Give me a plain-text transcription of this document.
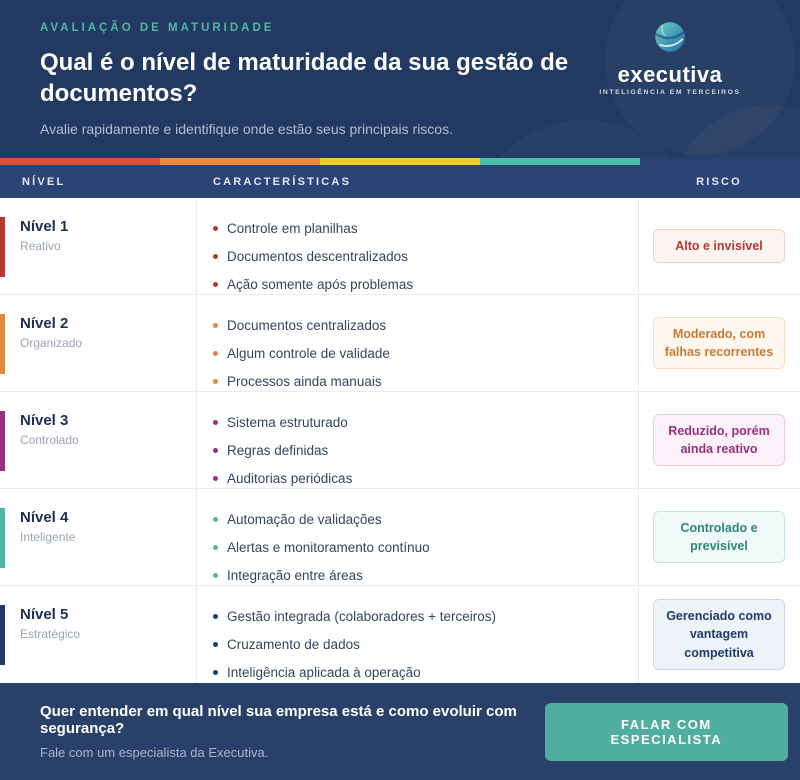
AVALIAÇÃO DE MATURIDADE
Qual é o nível de maturidade da sua gestão de documentos?
Avalie rapidamente e identifique onde estão seus principais riscos.
executiva
INTELIGÊNCIA EM TERCEIROS
NÍVEL	CARACTERÍSTICAS	RISCO
Nível 1
Reativo
Controle em planilhas
Documentos descentralizados
Ação somente após problemas
Alto e invisível
Nível 2
Organizado
Documentos centralizados
Algum controle de validade
Processos ainda manuais
Moderado, com falhas recorrentes
Nível 3
Controlado
Sistema estruturado
Regras definidas
Auditorias periódicas
Reduzido, porém ainda reativo
Nível 4
Inteligente
Automação de validações
Alertas e monitoramento contínuo
Integração entre áreas
Controlado e previsível
Nível 5
Estratégico
Gestão integrada (colaboradores + terceiros)
Cruzamento de dados
Inteligência aplicada à operação
Gerenciado como vantagem competitiva
Quer entender em qual nível sua empresa está e como evoluir com segurança?
Fale com um especialista da Executiva.
FALAR COM ESPECIALISTA
